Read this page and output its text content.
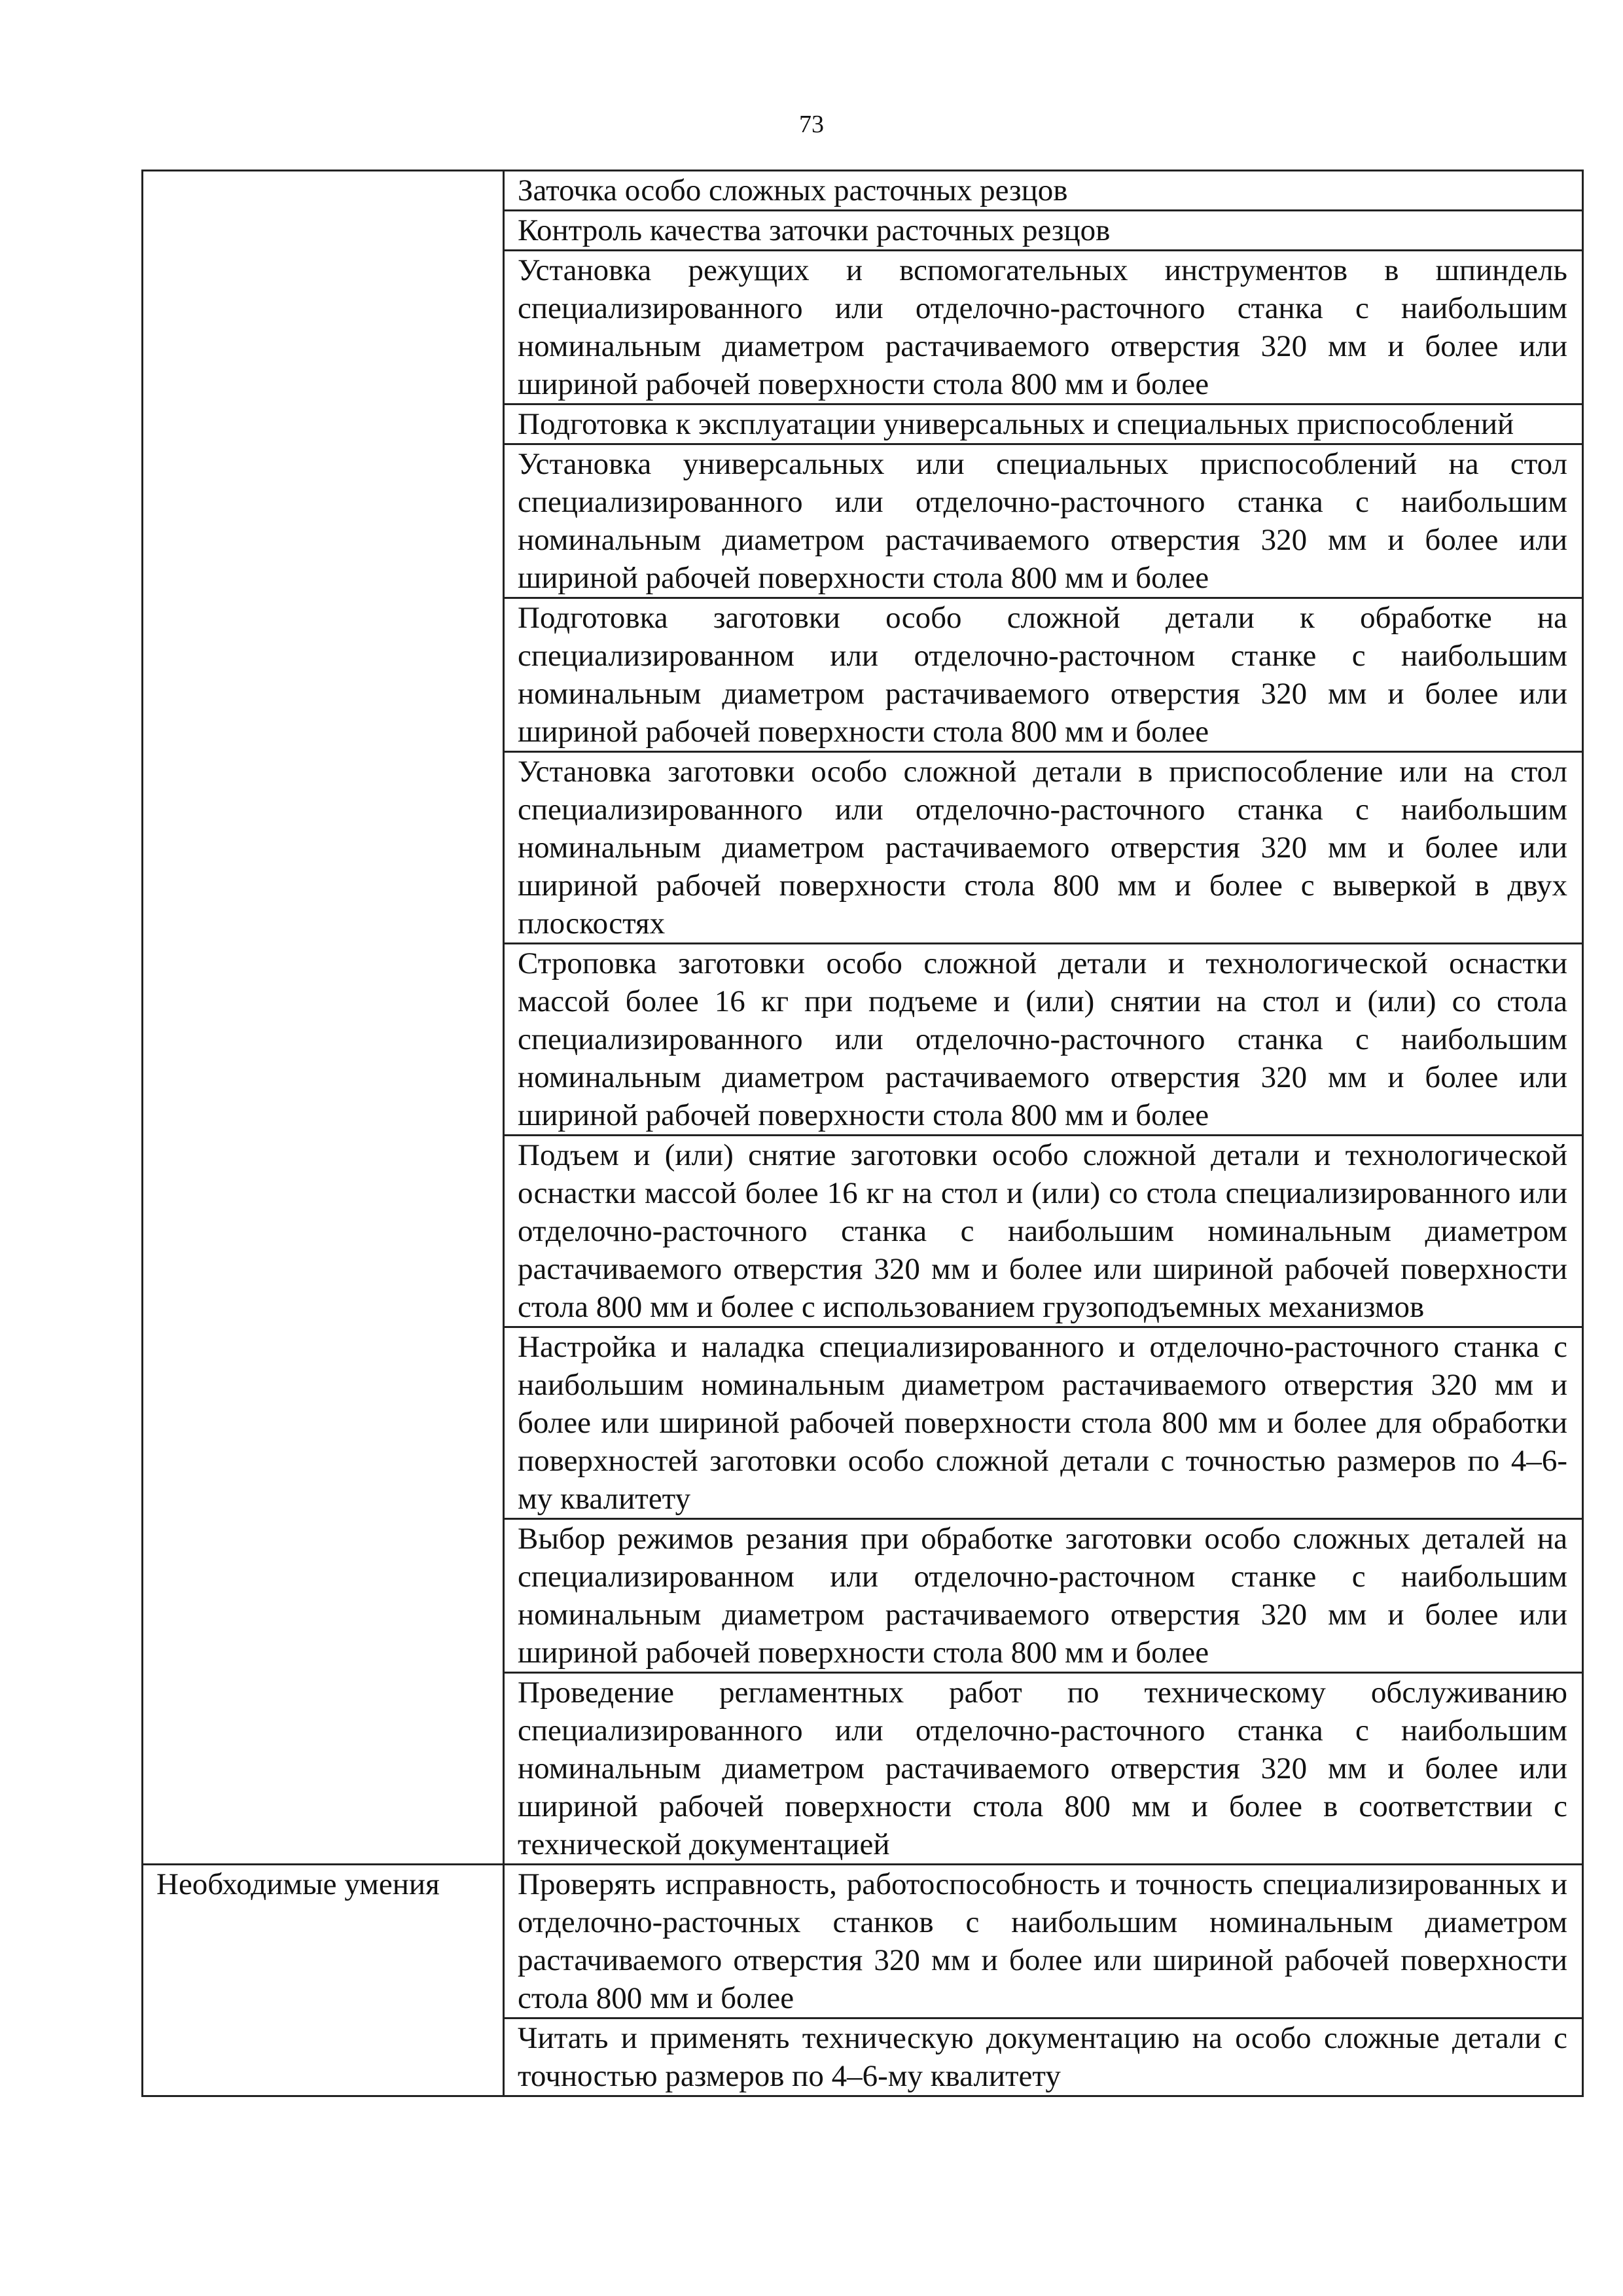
73
	Заточка особо сложных расточных резцов
	Контроль качества заточки расточных резцов
	Установка режущих и вспомогательных инструментов в шпиндель специализированного или отделочно-расточного станка с наибольшим номинальным диаметром растачиваемого отверстия 320 мм и более или шириной рабочей поверхности стола 800 мм и более
	Подготовка к эксплуатации универсальных и специальных приспособлений
	Установка универсальных или специальных приспособлений на стол специализированного или отделочно-расточного станка с наибольшим номинальным диаметром растачиваемого отверстия 320 мм и более или шириной рабочей поверхности стола 800 мм и более
	Подготовка заготовки особо сложной детали к обработке на специализированном или отделочно-расточном станке с наибольшим номинальным диаметром растачиваемого отверстия 320 мм и более или шириной рабочей поверхности стола 800 мм и более
	Установка заготовки особо сложной детали в приспособление или на стол специализированного или отделочно-расточного станка с наибольшим номинальным диаметром растачиваемого отверстия 320 мм и более или шириной рабочей поверхности стола 800 мм и более с выверкой в двух плоскостях
	Строповка заготовки особо сложной детали и технологической оснастки массой более 16 кг при подъеме и (или) снятии на стол и (или) со стола специализированного или отделочно-расточного станка с наибольшим номинальным диаметром растачиваемого отверстия 320 мм и более или шириной рабочей поверхности стола 800 мм и более
	Подъем и (или) снятие заготовки особо сложной детали и технологической оснастки массой более 16 кг на стол и (или) со стола специализированного или отделочно-расточного станка с наибольшим номинальным диаметром растачиваемого отверстия 320 мм и более или шириной рабочей поверхности стола 800 мм и более с использованием грузоподъемных механизмов
	Настройка и наладка специализированного и отделочно-расточного станка с наибольшим номинальным диаметром растачиваемого отверстия 320 мм и более или шириной рабочей поверхности стола 800 мм и более для обработки поверхностей заготовки особо сложной детали с точностью размеров по 4–6-му квалитету
	Выбор режимов резания при обработке заготовки особо сложных деталей на специализированном или отделочно-расточном станке с наибольшим номинальным диаметром растачиваемого отверстия 320 мм и более или шириной рабочей поверхности стола 800 мм и более
	Проведение регламентных работ по техническому обслуживанию специализированного или отделочно-расточного станка с наибольшим номинальным диаметром растачиваемого отверстия 320 мм и более или шириной рабочей поверхности стола 800 мм и более в соответствии с технической документацией
Необходимые умения	Проверять исправность, работоспособность и точность специализированных и отделочно-расточных станков с наибольшим номинальным диаметром растачиваемого отверстия 320 мм и более или шириной рабочей поверхности стола 800 мм и более
	Читать и применять техническую документацию на особо сложные детали с точностью размеров по 4–6-му квалитету
